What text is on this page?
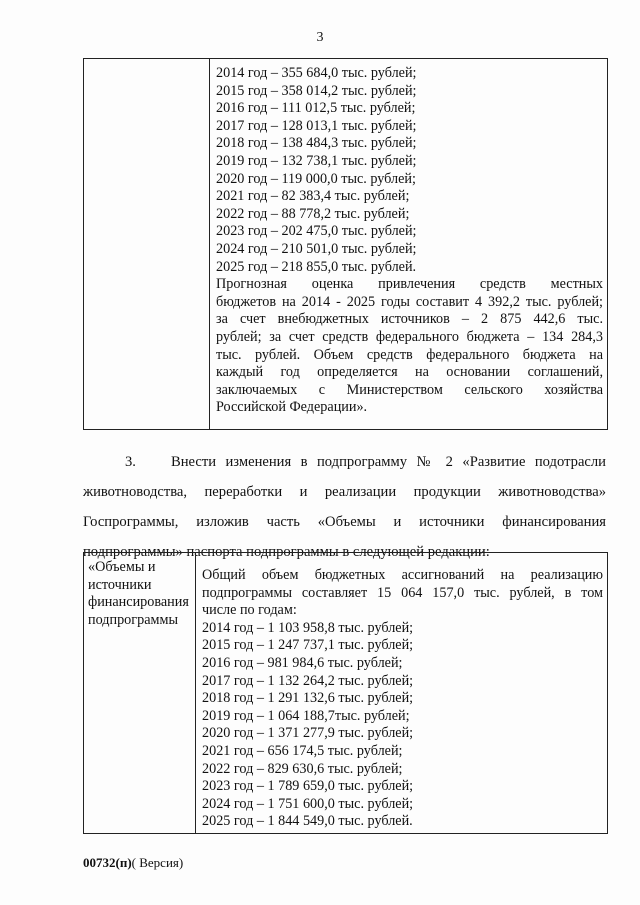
3
2014 год – 355 684,0 тыс. рублей;
2015 год – 358 014,2 тыс. рублей;
2016 год – 111 012,5 тыс. рублей;
2017 год – 128 013,1 тыс. рублей;
2018 год – 138 484,3 тыс. рублей;
2019 год – 132 738,1 тыс. рублей;
2020 год – 119 000,0 тыс. рублей;
2021 год – 82 383,4 тыс. рублей;
2022 год – 88 778,2 тыс. рублей;
2023 год – 202 475,0 тыс. рублей;
2024 год – 210 501,0 тыс. рублей;
2025 год – 218 855,0 тыс. рублей.
Прогнозная оценка привлечения средств местных
бюджетов на 2014 - 2025 годы составит 4 392,2 тыс. рублей;
за счет внебюджетных источников – 2 875 442,6 тыс.
рублей; за счет средств федерального бюджета – 134 284,3
тыс. рублей. Объем средств федерального бюджета на
каждый год определяется на основании соглашений,
заключаемых с Министерством сельского хозяйства
Российской Федерации».
3. Внести изменения в подпрограмму № 2 «Развитие подотрасли
животноводства, переработки и реализации продукции животноводства»
Госпрограммы, изложив часть «Объемы и источники финансирования
подпрограммы» паспорта подпрограммы в следующей редакции:
«Объемы и
источники
финансирования
подпрограммы
Общий объем бюджетных ассигнований на реализацию
подпрограммы составляет 15 064 157,0 тыс. рублей, в том
числе по годам:
2014 год – 1 103 958,8 тыс. рублей;
2015 год – 1 247 737,1 тыс. рублей;
2016 год – 981 984,6 тыс. рублей;
2017 год – 1 132 264,2 тыс. рублей;
2018 год – 1 291 132,6 тыс. рублей;
2019 год – 1 064 188,7тыс. рублей;
2020 год – 1 371 277,9 тыс. рублей;
2021 год – 656 174,5 тыс. рублей;
2022 год – 829 630,6 тыс. рублей;
2023 год – 1 789 659,0 тыс. рублей;
2024 год – 1 751 600,0 тыс. рублей;
2025 год – 1 844 549,0 тыс. рублей.
00732(п)( Версия)
